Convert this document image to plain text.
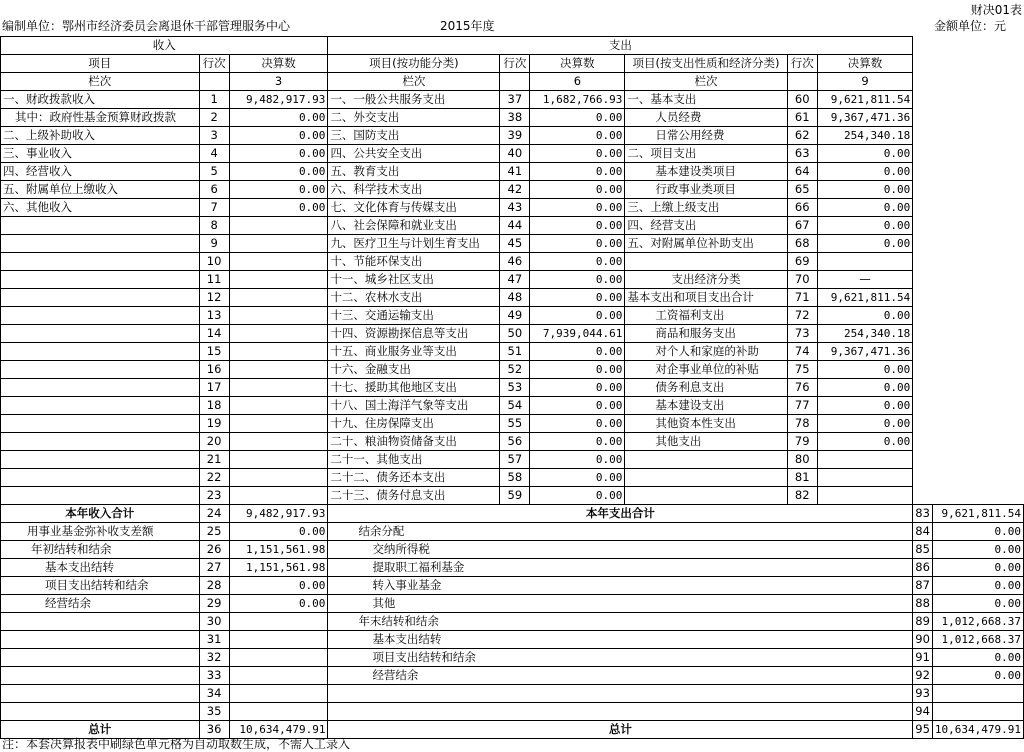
财决01表
编制单位：鄂州市经济委员会离退休干部管理服务中心	2015年度	金额单位：元
收入			支出							
项目	行次	决算数	项目(按功能分类)	行次	决算数	项目(按支出性质和经济分类)	行次	决算数		
栏次		3	栏次		6	栏次		9		
一、财政拨款收入	1	9,482,917.93	一、一般公共服务支出	37	1,682,766.93	一、基本支出	60	9,621,811.54		
其中：政府性基金预算财政拨款	2	0.00	二、外交支出	38	0.00	人员经费	61	9,367,471.36		
二、上级补助收入	3	0.00	三、国防支出	39	0.00	日常公用经费	62	254,340.18		
三、事业收入	4	0.00	四、公共安全支出	40	0.00	二、项目支出	63	0.00		
四、经营收入	5	0.00	五、教育支出	41	0.00	基本建设类项目	64	0.00		
五、附属单位上缴收入	6	0.00	六、科学技术支出	42	0.00	行政事业类项目	65	0.00		
六、其他收入	7	0.00	七、文化体育与传媒支出	43	0.00	三、上缴上级支出	66	0.00		
	8		八、社会保障和就业支出	44	0.00	四、经营支出	67	0.00		
	9		九、医疗卫生与计划生育支出	45	0.00	五、对附属单位补助支出	68	0.00		
	10		十、节能环保支出	46	0.00		69			
	11		十一、城乡社区支出	47	0.00	支出经济分类	70	—		
	12		十二、农林水支出	48	0.00	基本支出和项目支出合计	71	9,621,811.54		
	13		十三、交通运输支出	49	0.00	工资福利支出	72	0.00		
	14		十四、资源勘探信息等支出	50	7,939,044.61	商品和服务支出	73	254,340.18		
	15		十五、商业服务业等支出	51	0.00	对个人和家庭的补助	74	9,367,471.36		
	16		十六、金融支出	52	0.00	对企事业单位的补贴	75	0.00		
	17		十七、援助其他地区支出	53	0.00	债务利息支出	76	0.00		
	18		十八、国土海洋气象等支出	54	0.00	基本建设支出	77	0.00		
	19		十九、住房保障支出	55	0.00	其他资本性支出	78	0.00		
	20		二十、粮油物资储备支出	56	0.00	其他支出	79	0.00		
	21		二十一、其他支出	57	0.00		80			
	22		二十二、债务还本支出	58	0.00		81			
	23		二十三、债务付息支出	59	0.00		82			
本年收入合计	24	9,482,917.93	本年支出合计						83	9,621,811.54
用事业基金弥补收支差额	25	0.00	结余分配						84	0.00
年初结转和结余	26	1,151,561.98	交纳所得税						85	0.00
基本支出结转	27	1,151,561.98	提取职工福利基金						86	0.00
项目支出结转和结余	28	0.00	转入事业基金						87	0.00
经营结余	29	0.00	其他						88	0.00
	30		年末结转和结余						89	1,012,668.37
	31		基本支出结转						90	1,012,668.37
	32		项目支出结转和结余						91	0.00
	33		经营结余						92	0.00
	34								93	
	35								94	
总计	36	10,634,479.91	总计						95	10,634,479.91
注：本套决算报表中刷绿色单元格为自动取数生成，不需人工录入
